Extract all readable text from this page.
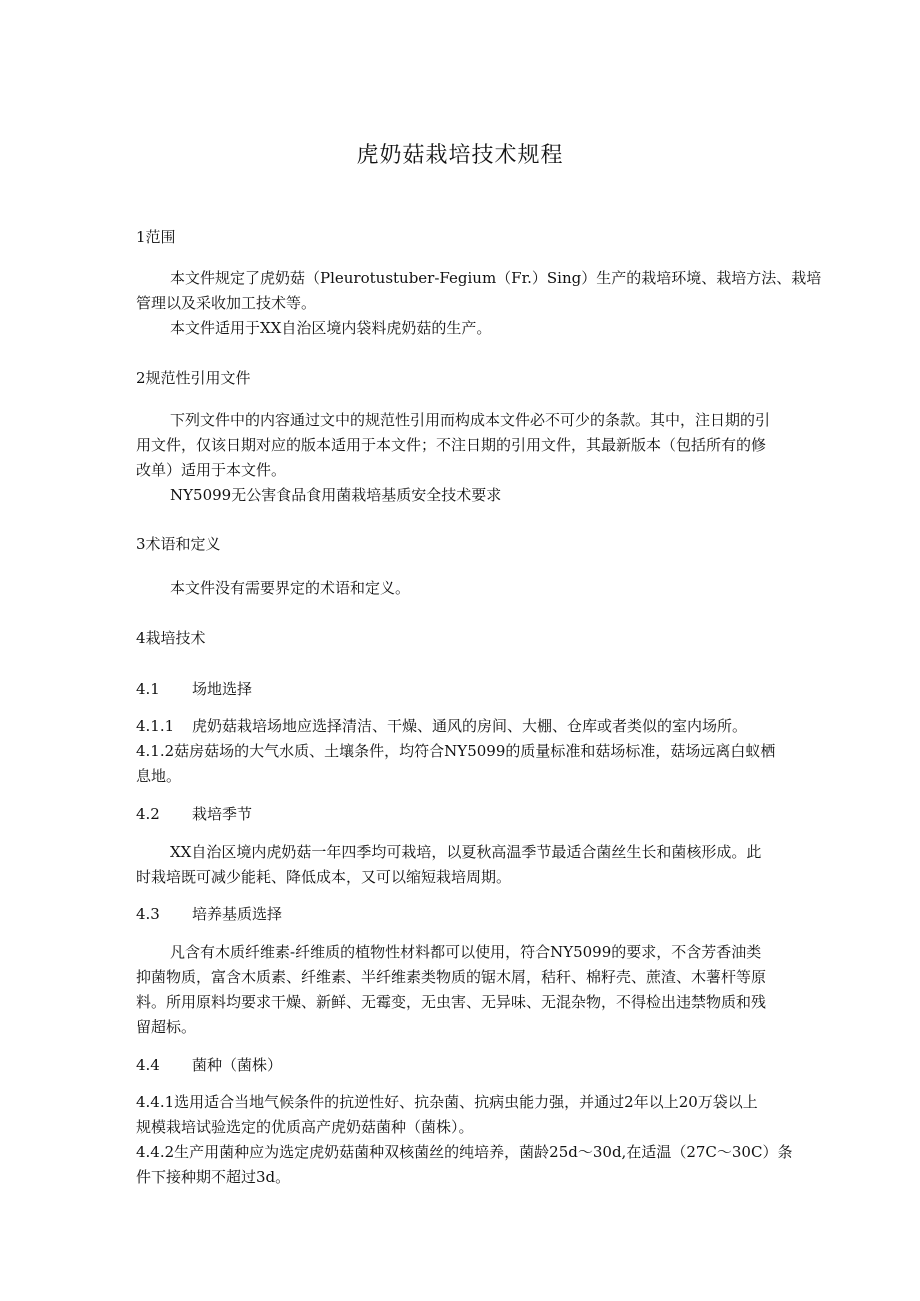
虎奶菇栽培技术规程
1范围
本文件规定了虎奶菇（Pleurotustuber-Fegium（Fr.）Sing）生产的栽培环境、栽培方法、栽培
管理以及采收加工技术等。
本文件适用于XX自治区境内袋料虎奶菇的生产。
2规范性引用文件
下列文件中的内容通过文中的规范性引用而构成本文件必不可少的条款。其中，注日期的引
用文件，仅该日期对应的版本适用于本文件；不注日期的引用文件，其最新版本（包括所有的修
改单）适用于本文件。
NY5099无公害食品食用菌栽培基质安全技术要求
3术语和定义
本文件没有需要界定的术语和定义。
4栽培技术
4.1 场地选择
4.1.1 虎奶菇栽培场地应选择清洁、干燥、通风的房间、大棚、仓库或者类似的室内场所。
4.1.2菇房菇场的大气水质、土壤条件，均符合NY5099的质量标准和菇场标准，菇场远离白蚁栖
息地。
4.2 栽培季节
XX自治区境内虎奶菇一年四季均可栽培，以夏秋高温季节最适合菌丝生长和菌核形成。此
时栽培既可减少能耗、降低成本，又可以缩短栽培周期。
4.3 培养基质选择
凡含有木质纤维素-纤维质的植物性材料都可以使用，符合NY5099的要求，不含芳香油类
抑菌物质，富含木质素、纤维素、半纤维素类物质的锯木屑，秸秆、棉籽壳、蔗渣、木薯杆等原
料。所用原料均要求干燥、新鲜、无霉变，无虫害、无异味、无混杂物，不得检出违禁物质和残
留超标。
4.4 菌种（菌株）
4.4.1选用适合当地气候条件的抗逆性好、抗杂菌、抗病虫能力强，并通过2年以上20万袋以上
规模栽培试验选定的优质高产虎奶菇菌种（菌株）。
4.4.2生产用菌种应为选定虎奶菇菌种双核菌丝的纯培养，菌龄25d～30d,在适温（27C～30C）条
件下接种期不超过3d。
